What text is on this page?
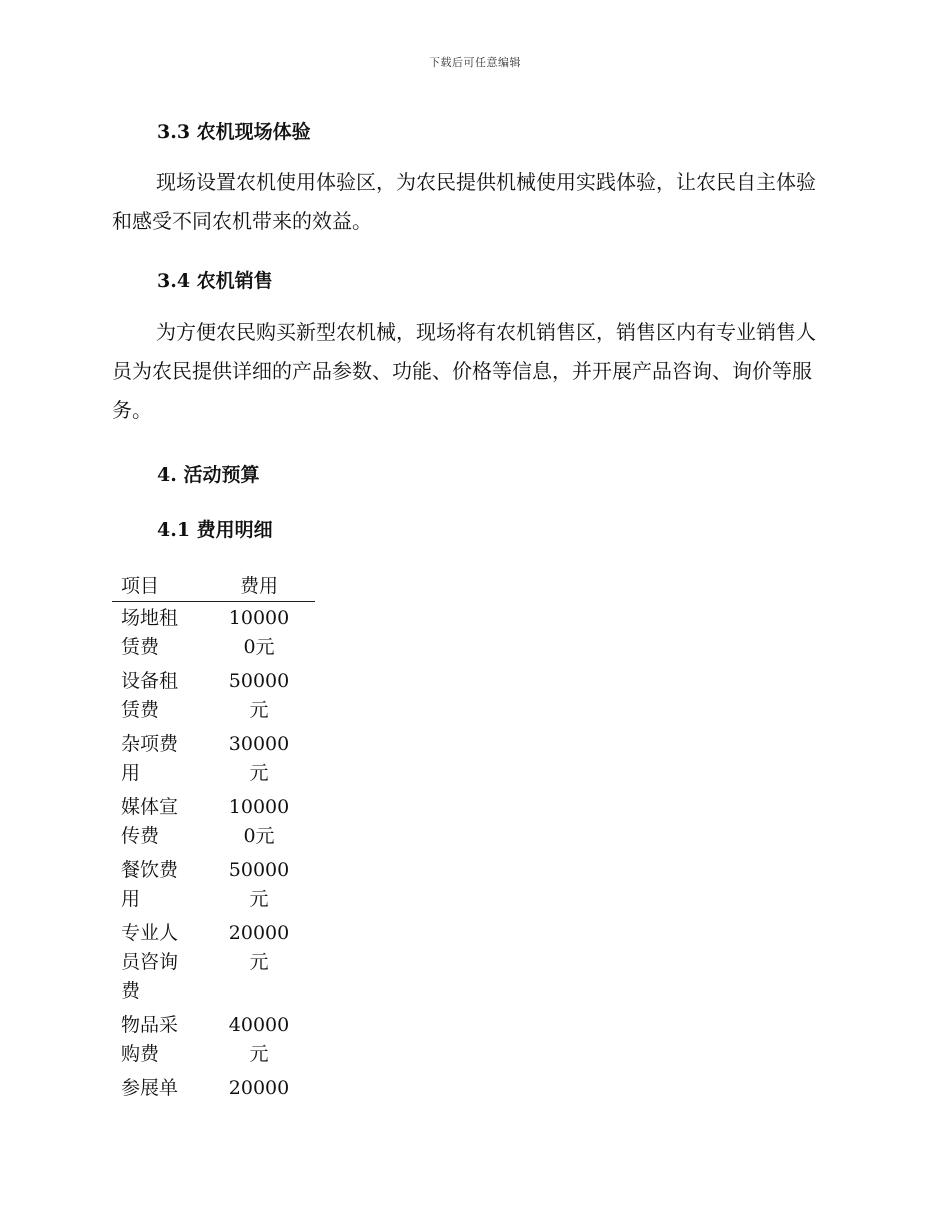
下载后可任意编辑
3.3 农机现场体验

现场设置农机使用体验区，为农民提供机械使用实践体验，让农民自主体验和感受不同农机带来的效益。

3.4 农机销售

为方便农民购买新型农机械，现场将有农机销售区，销售区内有专业销售人员为农民提供详细的产品参数、功能、价格等信息，并开展产品咨询、询价等服务。

4. 活动预算
4.1 费用明细
项目	费用

场地租赁费	100000元

设备租赁费	50000元

杂项费用	30000元

媒体宣传费	100000元

餐饮费用	50000元

专业人员咨询费	20000元

物品采购费	40000元

参展单	20000
